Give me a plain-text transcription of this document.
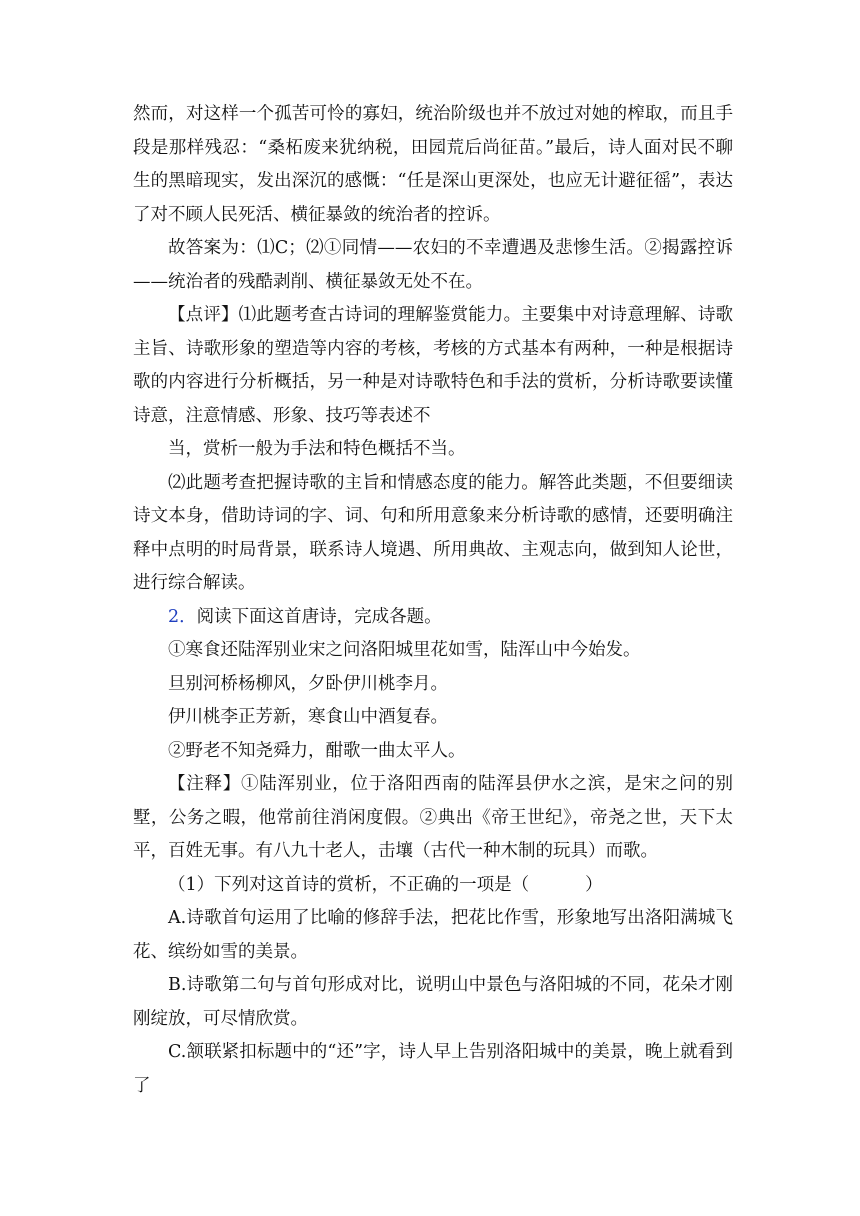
然而，对这样一个孤苦可怜的寡妇，统治阶级也并不放过对她的榨取，而且手段是那样残忍：“桑柘废来犹纳税，田园荒后尚征苗。”最后，诗人面对民不聊生的黑暗现实，发出深沉的感慨：“任是深山更深处，也应无计避征徭”，表达了对不顾人民死活、横征暴敛的统治者的控诉。

故答案为：⑴C；⑵①同情——农妇的不幸遭遇及悲惨生活。②揭露控诉——统治者的残酷剥削、横征暴敛无处不在。

【点评】⑴此题考查古诗词的理解鉴赏能力。主要集中对诗意理解、诗歌主旨、诗歌形象的塑造等内容的考核，考核的方式基本有两种，一种是根据诗歌的内容进行分析概括，另一种是对诗歌特色和手法的赏析，分析诗歌要读懂诗意，注意情感、形象、技巧等表述不

当，赏析一般为手法和特色概括不当。

⑵此题考查把握诗歌的主旨和情感态度的能力。解答此类题，不但要细读诗文本身，借助诗词的字、词、句和所用意象来分析诗歌的感情，还要明确注释中点明的时局背景，联系诗人境遇、所用典故、主观志向，做到知人论世，进行综合解读。

2．阅读下面这首唐诗，完成各题。

①寒食还陆浑别业宋之问洛阳城里花如雪，陆浑山中今始发。

旦别河桥杨柳风，夕卧伊川桃李月。

伊川桃李正芳新，寒食山中酒复春。

②野老不知尧舜力，酣歌一曲太平人。

【注释】①陆浑别业，位于洛阳西南的陆浑县伊水之滨，是宋之问的别墅，公务之暇，他常前往消闲度假。②典出《帝王世纪》，帝尧之世，天下太平，百姓无事。有八九十老人，击壤（古代一种木制的玩具）而歌。

（1）下列对这首诗的赏析，不正确的一项是（	）

A.诗歌首句运用了比喻的修辞手法，把花比作雪，形象地写出洛阳满城飞花、缤纷如雪的美景。

B.诗歌第二句与首句形成对比，说明山中景色与洛阳城的不同，花朵才刚刚绽放，可尽情欣赏。

C.颔联紧扣标题中的“还”字，诗人早上告别洛阳城中的美景，晚上就看到了
